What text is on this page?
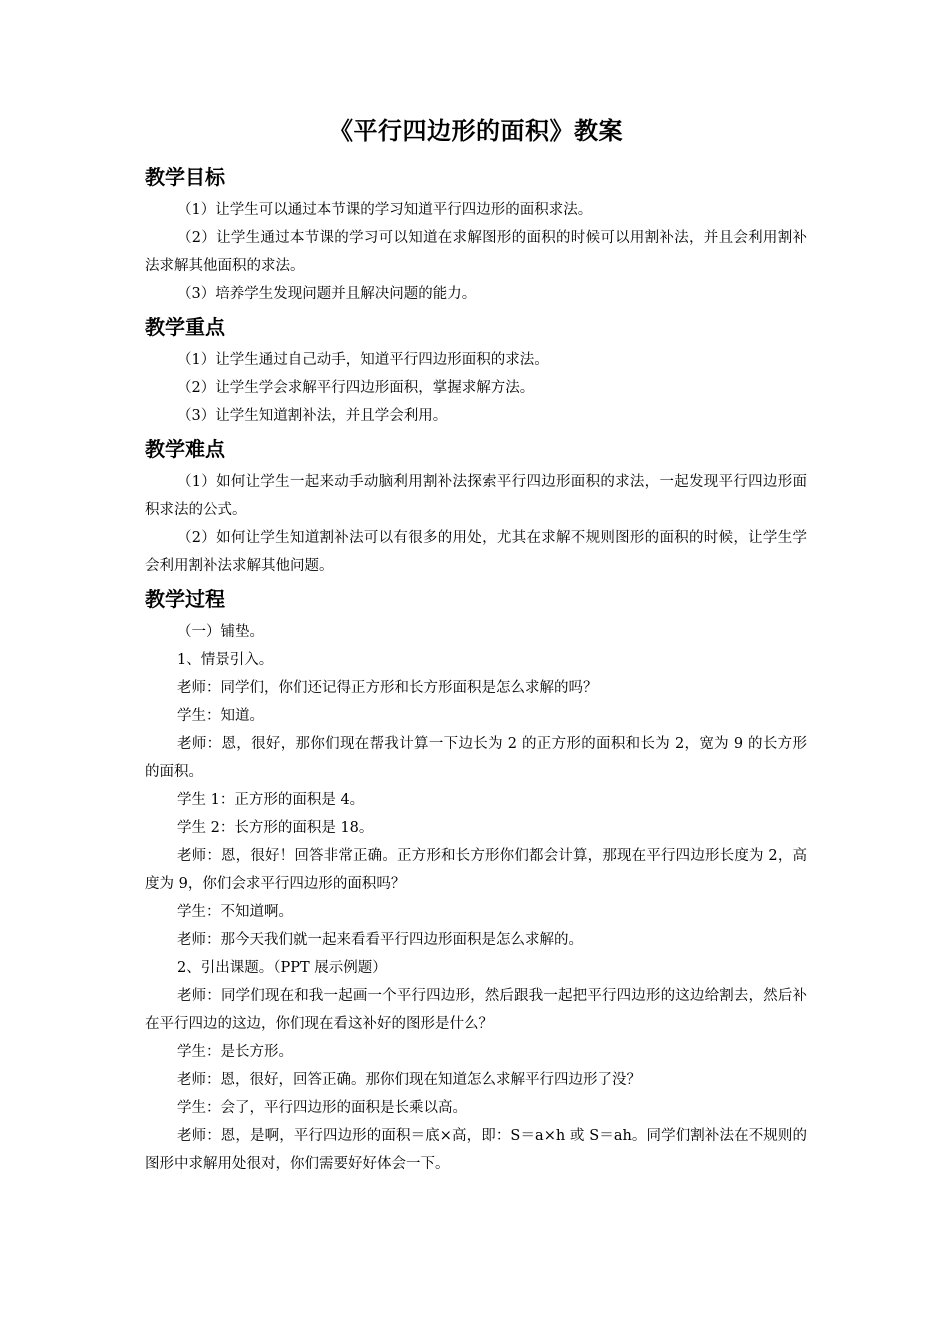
《平行四边形的面积》教案
教学目标

（1）让学生可以通过本节课的学习知道平行四边形的面积求法。

（2）让学生通过本节课的学习可以知道在求解图形的面积的时候可以用割补法，并且会利用割补法求解其他面积的求法。

（3）培养学生发现问题并且解决问题的能力。

教学重点

（1）让学生通过自己动手，知道平行四边形面积的求法。

（2）让学生学会求解平行四边形面积，掌握求解方法。

（3）让学生知道割补法，并且学会利用。

教学难点

（1）如何让学生一起来动手动脑利用割补法探索平行四边形面积的求法，一起发现平行四边形面积求法的公式。

（2）如何让学生知道割补法可以有很多的用处，尤其在求解不规则图形的面积的时候，让学生学会利用割补法求解其他问题。

教学过程

（一）铺垫。

1、情景引入。

老师：同学们，你们还记得正方形和长方形面积是怎么求解的吗？

学生：知道。

老师：恩，很好，那你们现在帮我计算一下边长为 2 的正方形的面积和长为 2，宽为 9 的长方形的面积。

学生 1：正方形的面积是 4。

学生 2：长方形的面积是 18。

老师：恩，很好！回答非常正确。正方形和长方形你们都会计算，那现在平行四边形长度为 2，高度为 9，你们会求平行四边形的面积吗？

学生：不知道啊。

老师：那今天我们就一起来看看平行四边形面积是怎么求解的。

2、引出课题。（PPT 展示例题）

老师：同学们现在和我一起画一个平行四边形，然后跟我一起把平行四边形的这边给割去，然后补在平行四边的这边，你们现在看这补好的图形是什么？

学生：是长方形。

老师：恩，很好，回答正确。那你们现在知道怎么求解平行四边形了没？

学生：会了，平行四边形的面积是长乘以高。

老师：恩，是啊，平行四边形的面积＝底×高，即：S＝a×h 或 S＝ah。同学们割补法在不规则的图形中求解用处很对，你们需要好好体会一下。
